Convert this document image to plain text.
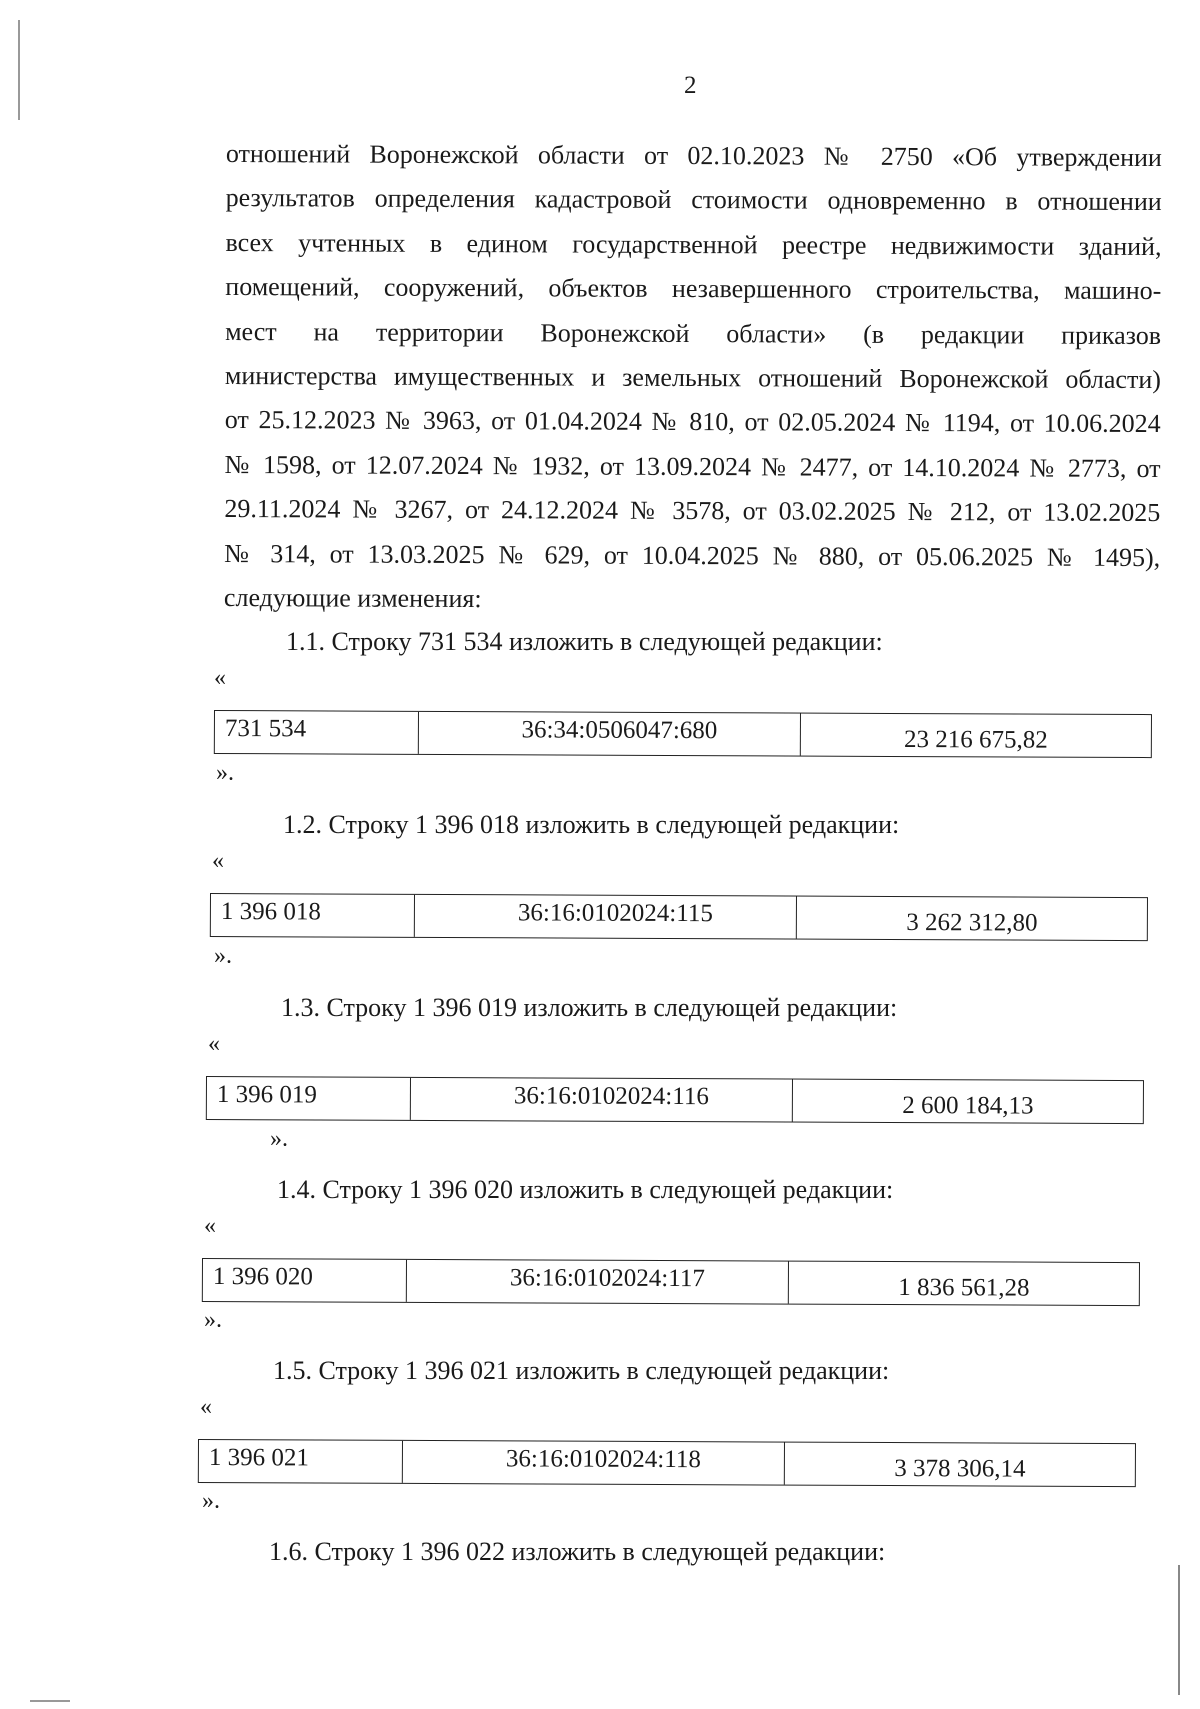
2
отношений Воронежской области от 02.10.2023 № 2750 «Об утверждении
результатов определения кадастровой стоимости одновременно в отношении
всех учтенных в едином государственной реестре недвижимости зданий,
помещений, сооружений, объектов незавершенного строительства, машино-
мест на территории Воронежской области» (в редакции приказов
министерства имущественных и земельных отношений Воронежской области)
от 25.12.2023 № 3963, от 01.04.2024 № 810, от 02.05.2024 № 1194, от 10.06.2024
№ 1598, от 12.07.2024 № 1932, от 13.09.2024 № 2477, от 14.10.2024 № 2773, от
29.11.2024 № 3267, от 24.12.2024 № 3578, от 03.02.2025 № 212, от 13.02.2025
№ 314, от 13.03.2025 № 629, от 10.04.2025 № 880, от 05.06.2025 № 1495),
следующие изменения:
1.1. Строку 731 534 изложить в следующей редакции:
«
731 534	36:34:0506047:680	23 216 675,82
».
1.2. Строку 1 396 018 изложить в следующей редакции:
«
1 396 018	36:16:0102024:115	3 262 312,80
».
1.3. Строку 1 396 019 изложить в следующей редакции:
«
1 396 019	36:16:0102024:116	2 600 184,13
».
1.4. Строку 1 396 020 изложить в следующей редакции:
«
1 396 020	36:16:0102024:117	1 836 561,28
».
1.5. Строку 1 396 021 изложить в следующей редакции:
«
1 396 021	36:16:0102024:118	3 378 306,14
».
1.6. Строку 1 396 022 изложить в следующей редакции:
